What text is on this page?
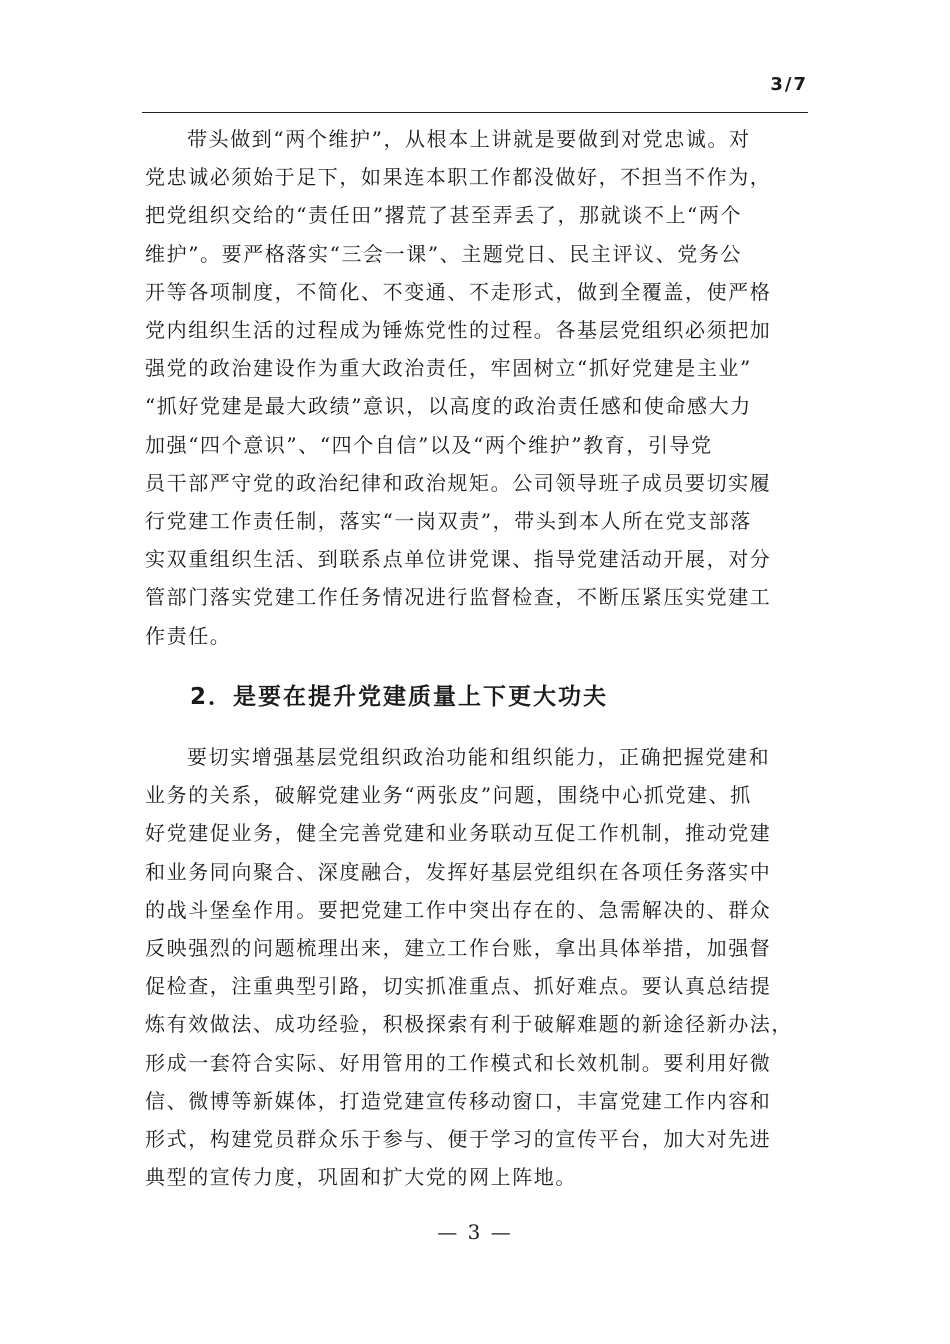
3/7
带头做到“两个维护”，从根本上讲就是要做到对党忠诚。对
党忠诚必须始于足下，如果连本职工作都没做好，不担当不作为，
把党组织交给的“责任田”撂荒了甚至弄丢了，那就谈不上“两个
维护”。要严格落实“三会一课”、主题党日、民主评议、党务公
开等各项制度，不简化、不变通、不走形式，做到全覆盖，使严格
党内组织生活的过程成为锤炼党性的过程。各基层党组织必须把加
强党的政治建设作为重大政治责任，牢固树立“抓好党建是主业”
“抓好党建是最大政绩”意识，以高度的政治责任感和使命感大力
加强“四个意识”、“四个自信”以及“两个维护”教育，引导党
员干部严守党的政治纪律和政治规矩。公司领导班子成员要切实履
行党建工作责任制，落实“一岗双责”，带头到本人所在党支部落
实双重组织生活、到联系点单位讲党课、指导党建活动开展，对分
管部门落实党建工作任务情况进行监督检查，不断压紧压实党建工
作责任。
2．是要在提升党建质量上下更大功夫
要切实增强基层党组织政治功能和组织能力，正确把握党建和
业务的关系，破解党建业务“两张皮”问题，围绕中心抓党建、抓
好党建促业务，健全完善党建和业务联动互促工作机制，推动党建
和业务同向聚合、深度融合，发挥好基层党组织在各项任务落实中
的战斗堡垒作用。要把党建工作中突出存在的、急需解决的、群众
反映强烈的问题梳理出来，建立工作台账，拿出具体举措，加强督
促检查，注重典型引路，切实抓准重点、抓好难点。要认真总结提
炼有效做法、成功经验，积极探索有利于破解难题的新途径新办法，
形成一套符合实际、好用管用的工作模式和长效机制。要利用好微
信、微博等新媒体，打造党建宣传移动窗口，丰富党建工作内容和
形式，构建党员群众乐于参与、便于学习的宣传平台，加大对先进
典型的宣传力度，巩固和扩大党的网上阵地。
— 3 —
